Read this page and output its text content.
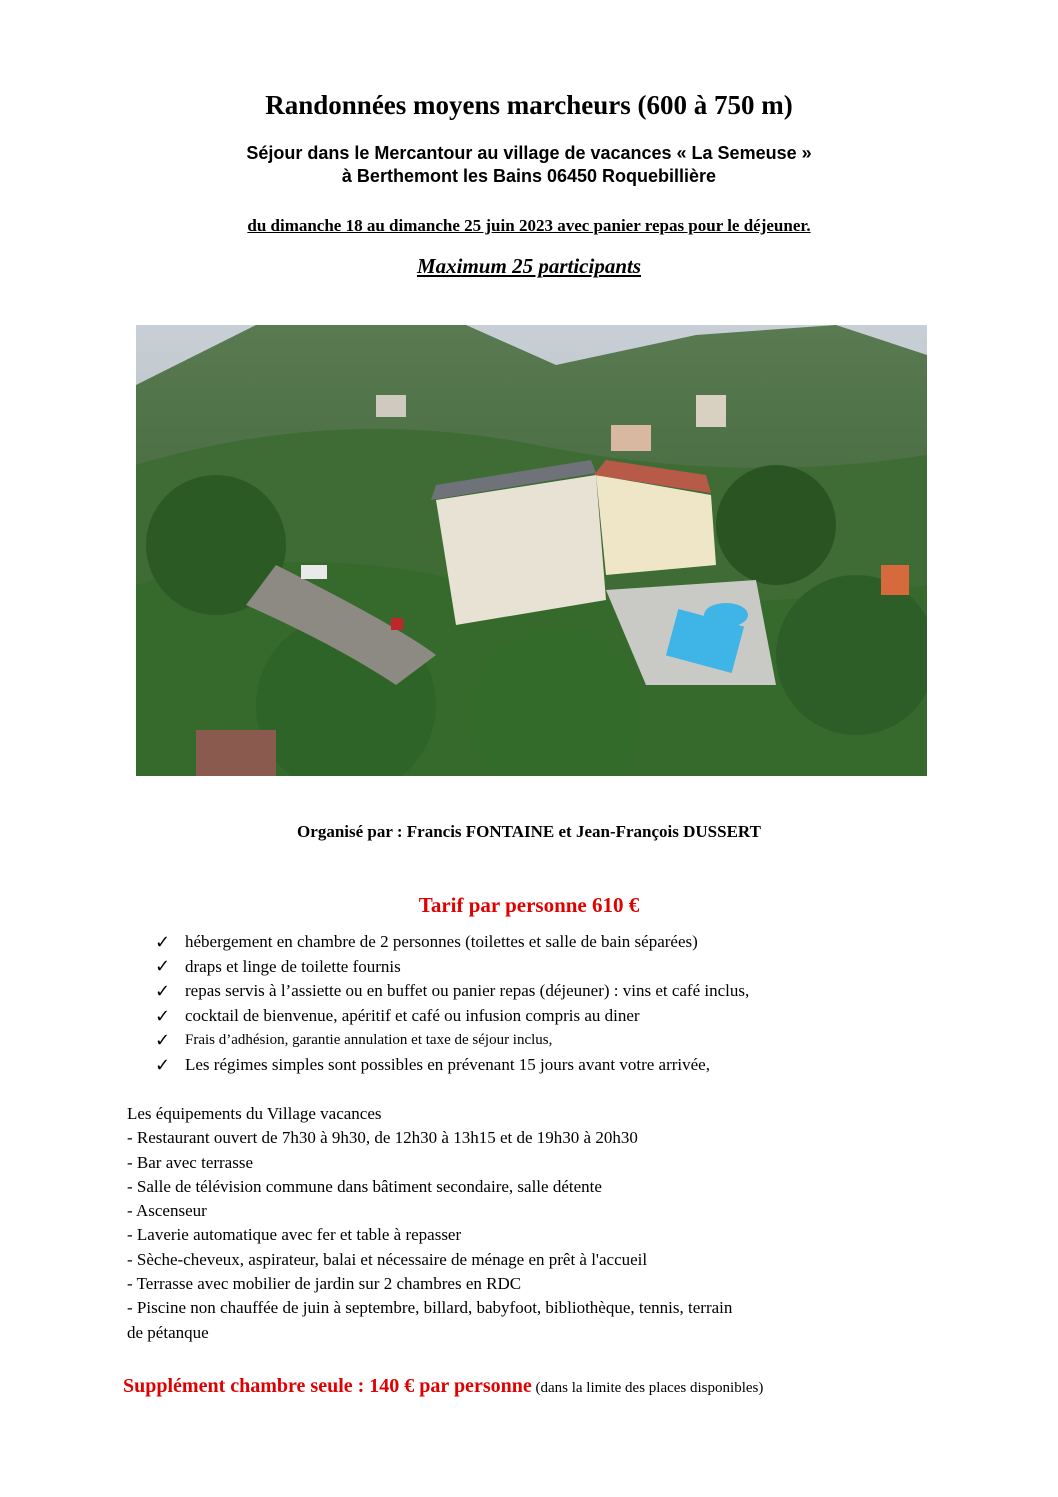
Randonnées moyens marcheurs (600 à 750 m)
Séjour dans le Mercantour au village de vacances « La Semeuse »
à Berthemont les Bains 06450 Roquebillière
du dimanche 18 au dimanche 25 juin 2023 avec panier repas pour le déjeuner.
Maximum 25 participants
Organisé par : Francis FONTAINE et Jean-François DUSSERT
Tarif par personne 610 €
✓ hébergement en chambre de 2 personnes (toilettes et salle de bain séparées)
✓ draps et linge de toilette fournis
✓ repas servis à l’assiette ou en buffet ou panier repas (déjeuner) : vins et café inclus,
✓ cocktail de bienvenue, apéritif et café ou infusion compris au diner
✓ Frais d’adhésion, garantie annulation et taxe de séjour inclus,
✓ Les régimes simples sont possibles en prévenant 15 jours avant votre arrivée,
Les équipements du Village vacances
- Restaurant ouvert de 7h30 à 9h30, de 12h30 à 13h15 et de 19h30 à 20h30
- Bar avec terrasse
- Salle de télévision commune dans bâtiment secondaire, salle détente
- Ascenseur
- Laverie automatique avec fer et table à repasser
- Sèche-cheveux, aspirateur, balai et nécessaire de ménage en prêt à l'accueil
- Terrasse avec mobilier de jardin sur 2 chambres en RDC
- Piscine non chauffée de juin à septembre, billard, babyfoot, bibliothèque, tennis, terrain
de pétanque
Supplément chambre seule : 140 € par personne (dans la limite des places disponibles)
